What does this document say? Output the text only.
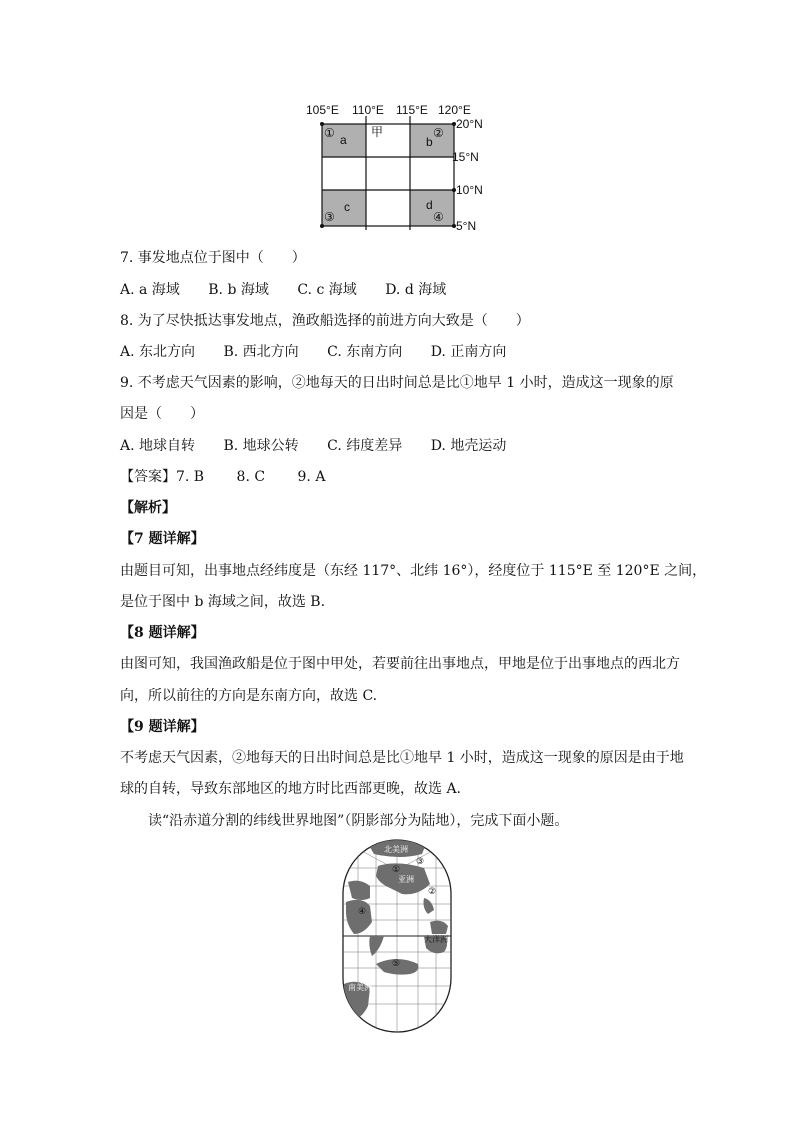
105°E 110°E 115°E 120°E
20°N
15°N
10°N
5°N
①	②
③	④
a	b
c	d
甲
7. 事发地点位于图中（　　）
A. a 海域 B. b 海域 C. c 海域 D. d 海域
8. 为了尽快抵达事发地点，渔政船选择的前进方向大致是（　　）
A. 东北方向 B. 西北方向 C. 东南方向 D. 正南方向
9. 不考虑天气因素的影响，②地每天的日出时间总是比①地早 1 小时，造成这一现象的原
因是（　　）
A. 地球自转 B. 地球公转 C. 纬度差异 D. 地壳运动
【答案】7. B　　 8. C　　 9. A
【解析】
【7 题详解】
由题目可知，出事地点经纬度是（东经 117°、北纬 16°），经度位于 115°E 至 120°E 之间，
是位于图中 b 海域之间，故选 B.
【8 题详解】
由图可知，我国渔政船是位于图中甲处，若要前往出事地点，甲地是位于出事地点的西北方
向，所以前往的方向是东南方向，故选 C.
【9 题详解】
不考虑天气因素，②地每天的日出时间总是比①地早 1 小时，造成这一现象的原因是由于地
球的自转，导致东部地区的地方时比西部更晚，故选 A.
读“沿赤道分割的纬线世界地图”（阴影部分为陆地），完成下面小题。
北美洲
亚洲
大洋洲
南美洲
①
②
③
④
⑤
